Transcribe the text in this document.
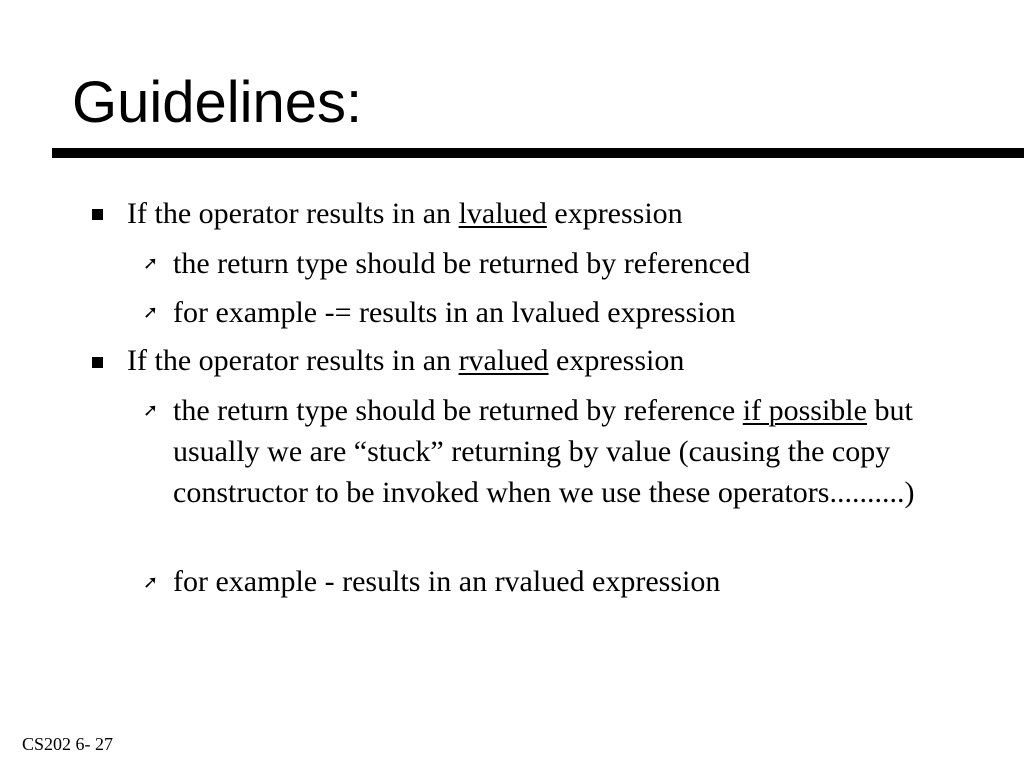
Guidelines:
If the operator results in an lvalued expression
➚ the return type should be returned by referenced
➚ for example -= results in an lvalued expression
If the operator results in an rvalued expression
➚ the return type should be returned by reference if possible but usually we are “stuck” returning by value (causing the copy constructor to be invoked when we use these operators..........)
➚ for example - results in an rvalued expression
CS202 6- 27
